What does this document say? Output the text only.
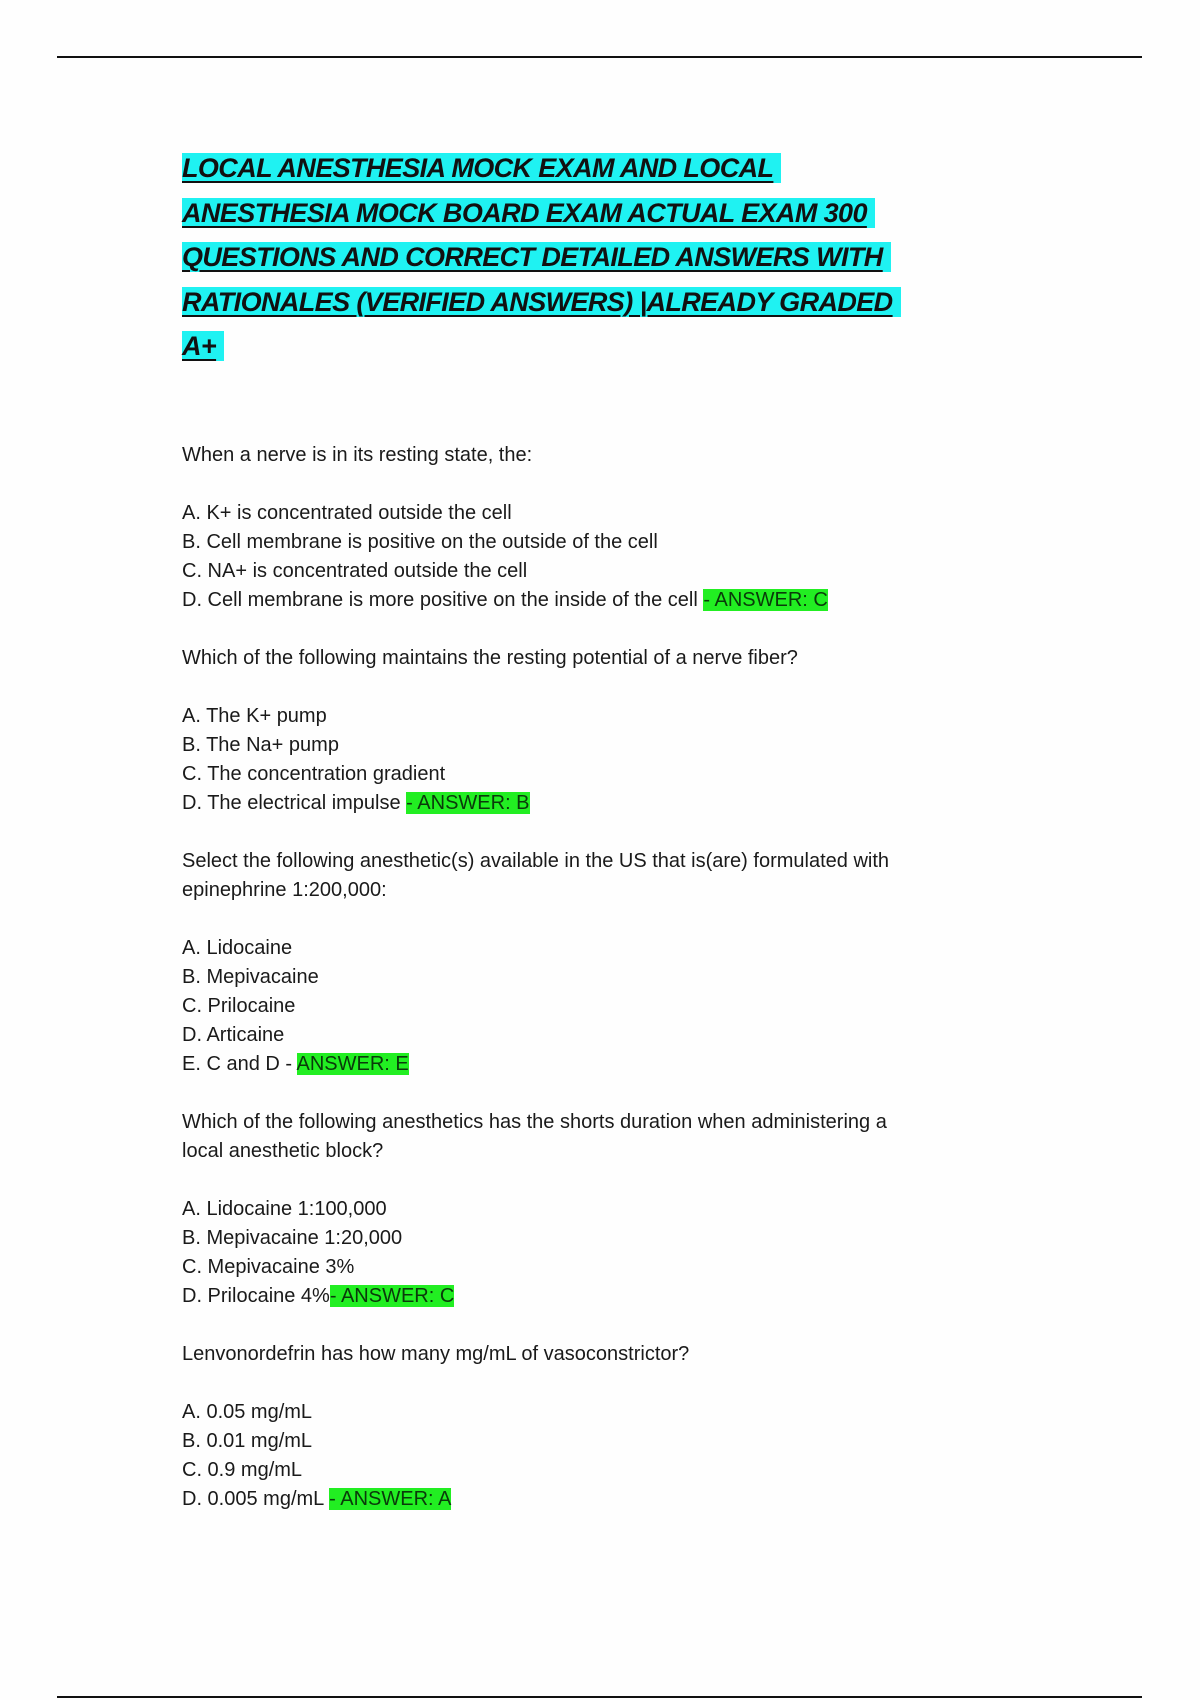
LOCAL ANESTHESIA MOCK EXAM AND LOCAL
ANESTHESIA MOCK BOARD EXAM ACTUAL EXAM 300
QUESTIONS AND CORRECT DETAILED ANSWERS WITH
RATIONALES (VERIFIED ANSWERS) |ALREADY GRADED
A+
When a nerve is in its resting state, the:
A. K+ is concentrated outside the cell
B. Cell membrane is positive on the outside of the cell
C. NA+ is concentrated outside the cell
D. Cell membrane is more positive on the inside of the cell - ANSWER: C
Which of the following maintains the resting potential of a nerve fiber?
A. The K+ pump
B. The Na+ pump
C. The concentration gradient
D. The electrical impulse - ANSWER: B
Select the following anesthetic(s) available in the US that is(are) formulated with
epinephrine 1:200,000:
A. Lidocaine
B. Mepivacaine
C. Prilocaine
D. Articaine
E. C and D - ANSWER: E
Which of the following anesthetics has the shorts duration when administering a
local anesthetic block?
A. Lidocaine 1:100,000
B. Mepivacaine 1:20,000
C. Mepivacaine 3%
D. Prilocaine 4%- ANSWER: C
Lenvonordefrin has how many mg/mL of vasoconstrictor?
A. 0.05 mg/mL
B. 0.01 mg/mL
C. 0.9 mg/mL
D. 0.005 mg/mL - ANSWER: A
